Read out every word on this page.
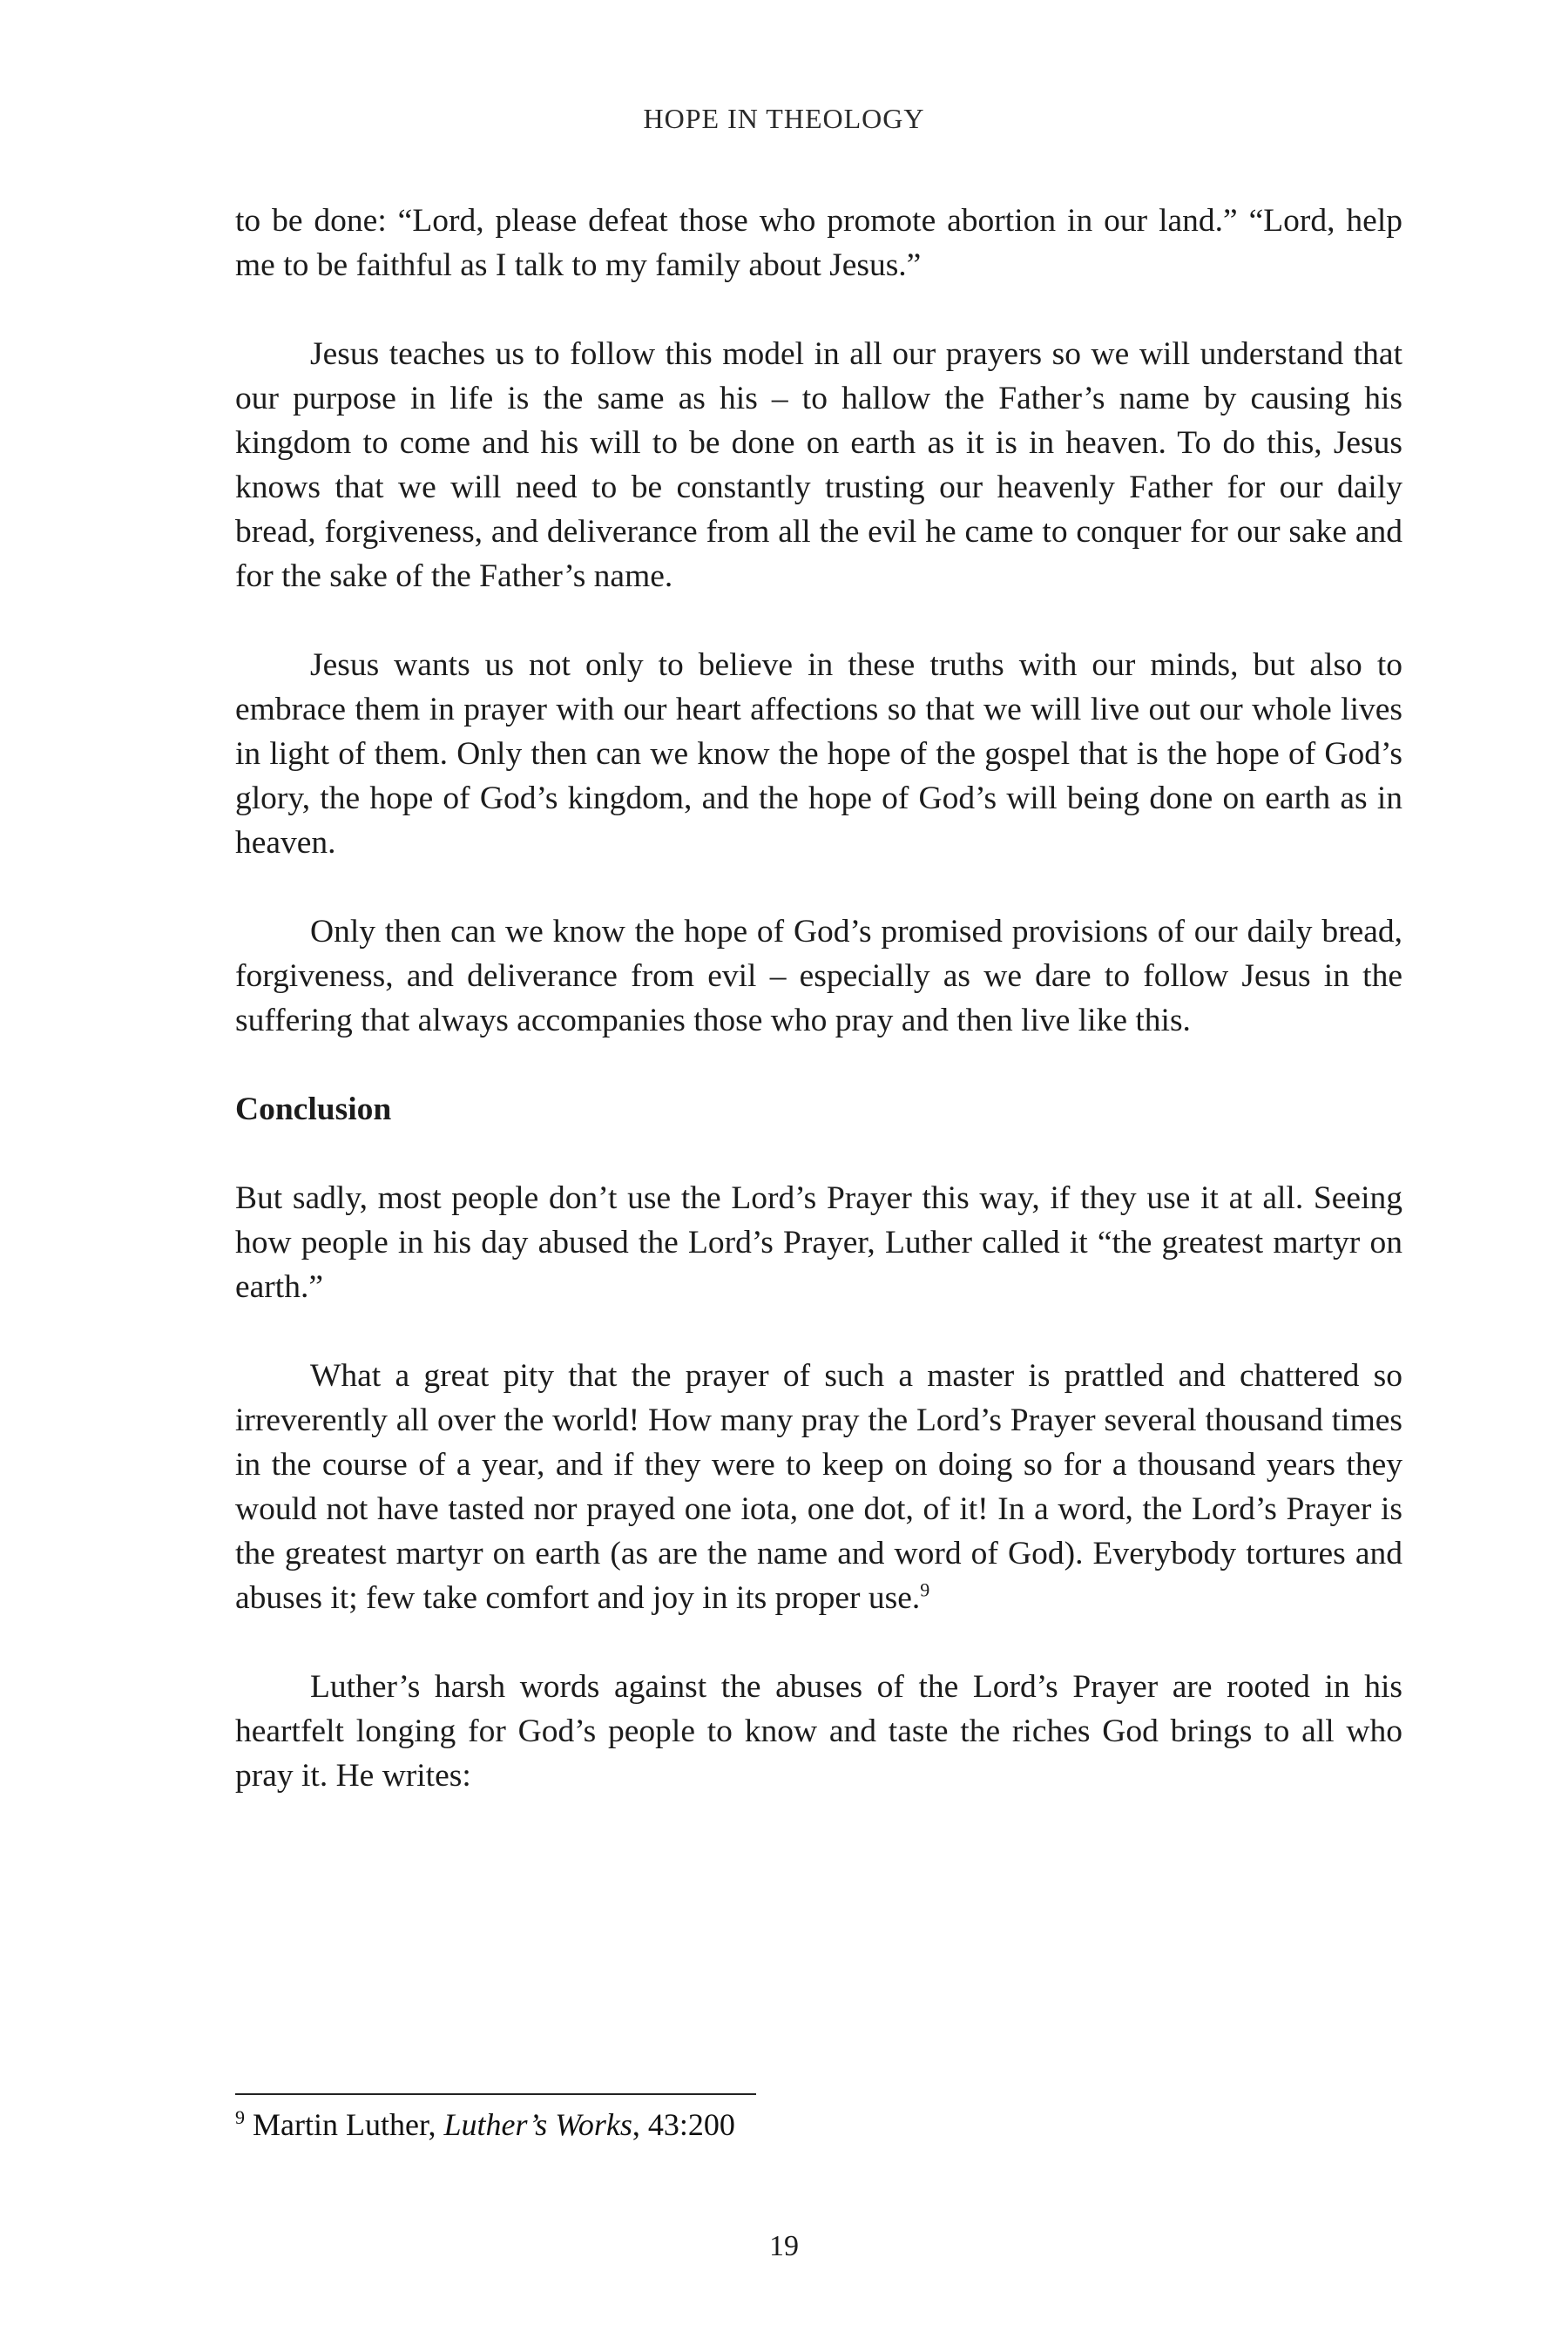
HOPE IN THEOLOGY

to be done: “Lord, please defeat those who promote abortion in our land.” “Lord, help me to be faithful as I talk to my family about Jesus.”

Jesus teaches us to follow this model in all our prayers so we will understand that our purpose in life is the same as his – to hallow the Father’s name by causing his kingdom to come and his will to be done on earth as it is in heaven. To do this, Jesus knows that we will need to be constantly trusting our heavenly Father for our daily bread, forgiveness, and deliverance from all the evil he came to conquer for our sake and for the sake of the Father’s name.

Jesus wants us not only to believe in these truths with our minds, but also to embrace them in prayer with our heart affections so that we will live out our whole lives in light of them. Only then can we know the hope of the gospel that is the hope of God’s glory, the hope of God’s kingdom, and the hope of God’s will being done on earth as in heaven.

Only then can we know the hope of God’s promised provisions of our daily bread, forgiveness, and deliverance from evil – especially as we dare to follow Jesus in the suffering that always accompanies those who pray and then live like this.

Conclusion

But sadly, most people don’t use the Lord’s Prayer this way, if they use it at all. Seeing how people in his day abused the Lord’s Prayer, Luther called it “the greatest martyr on earth.”

What a great pity that the prayer of such a master is prattled and chattered so irreverently all over the world! How many pray the Lord’s Prayer several thousand times in the course of a year, and if they were to keep on doing so for a thousand years they would not have tasted nor prayed one iota, one dot, of it! In a word, the Lord’s Prayer is the greatest martyr on earth (as are the name and word of God). Everybody tortures and abuses it; few take comfort and joy in its proper use.$^9$

Luther’s harsh words against the abuses of the Lord’s Prayer are rooted in his heartfelt longing for God’s people to know and taste the riches God brings to all who pray it. He writes:

$^9$ Martin Luther, Luther’s Works, 43:200
19
